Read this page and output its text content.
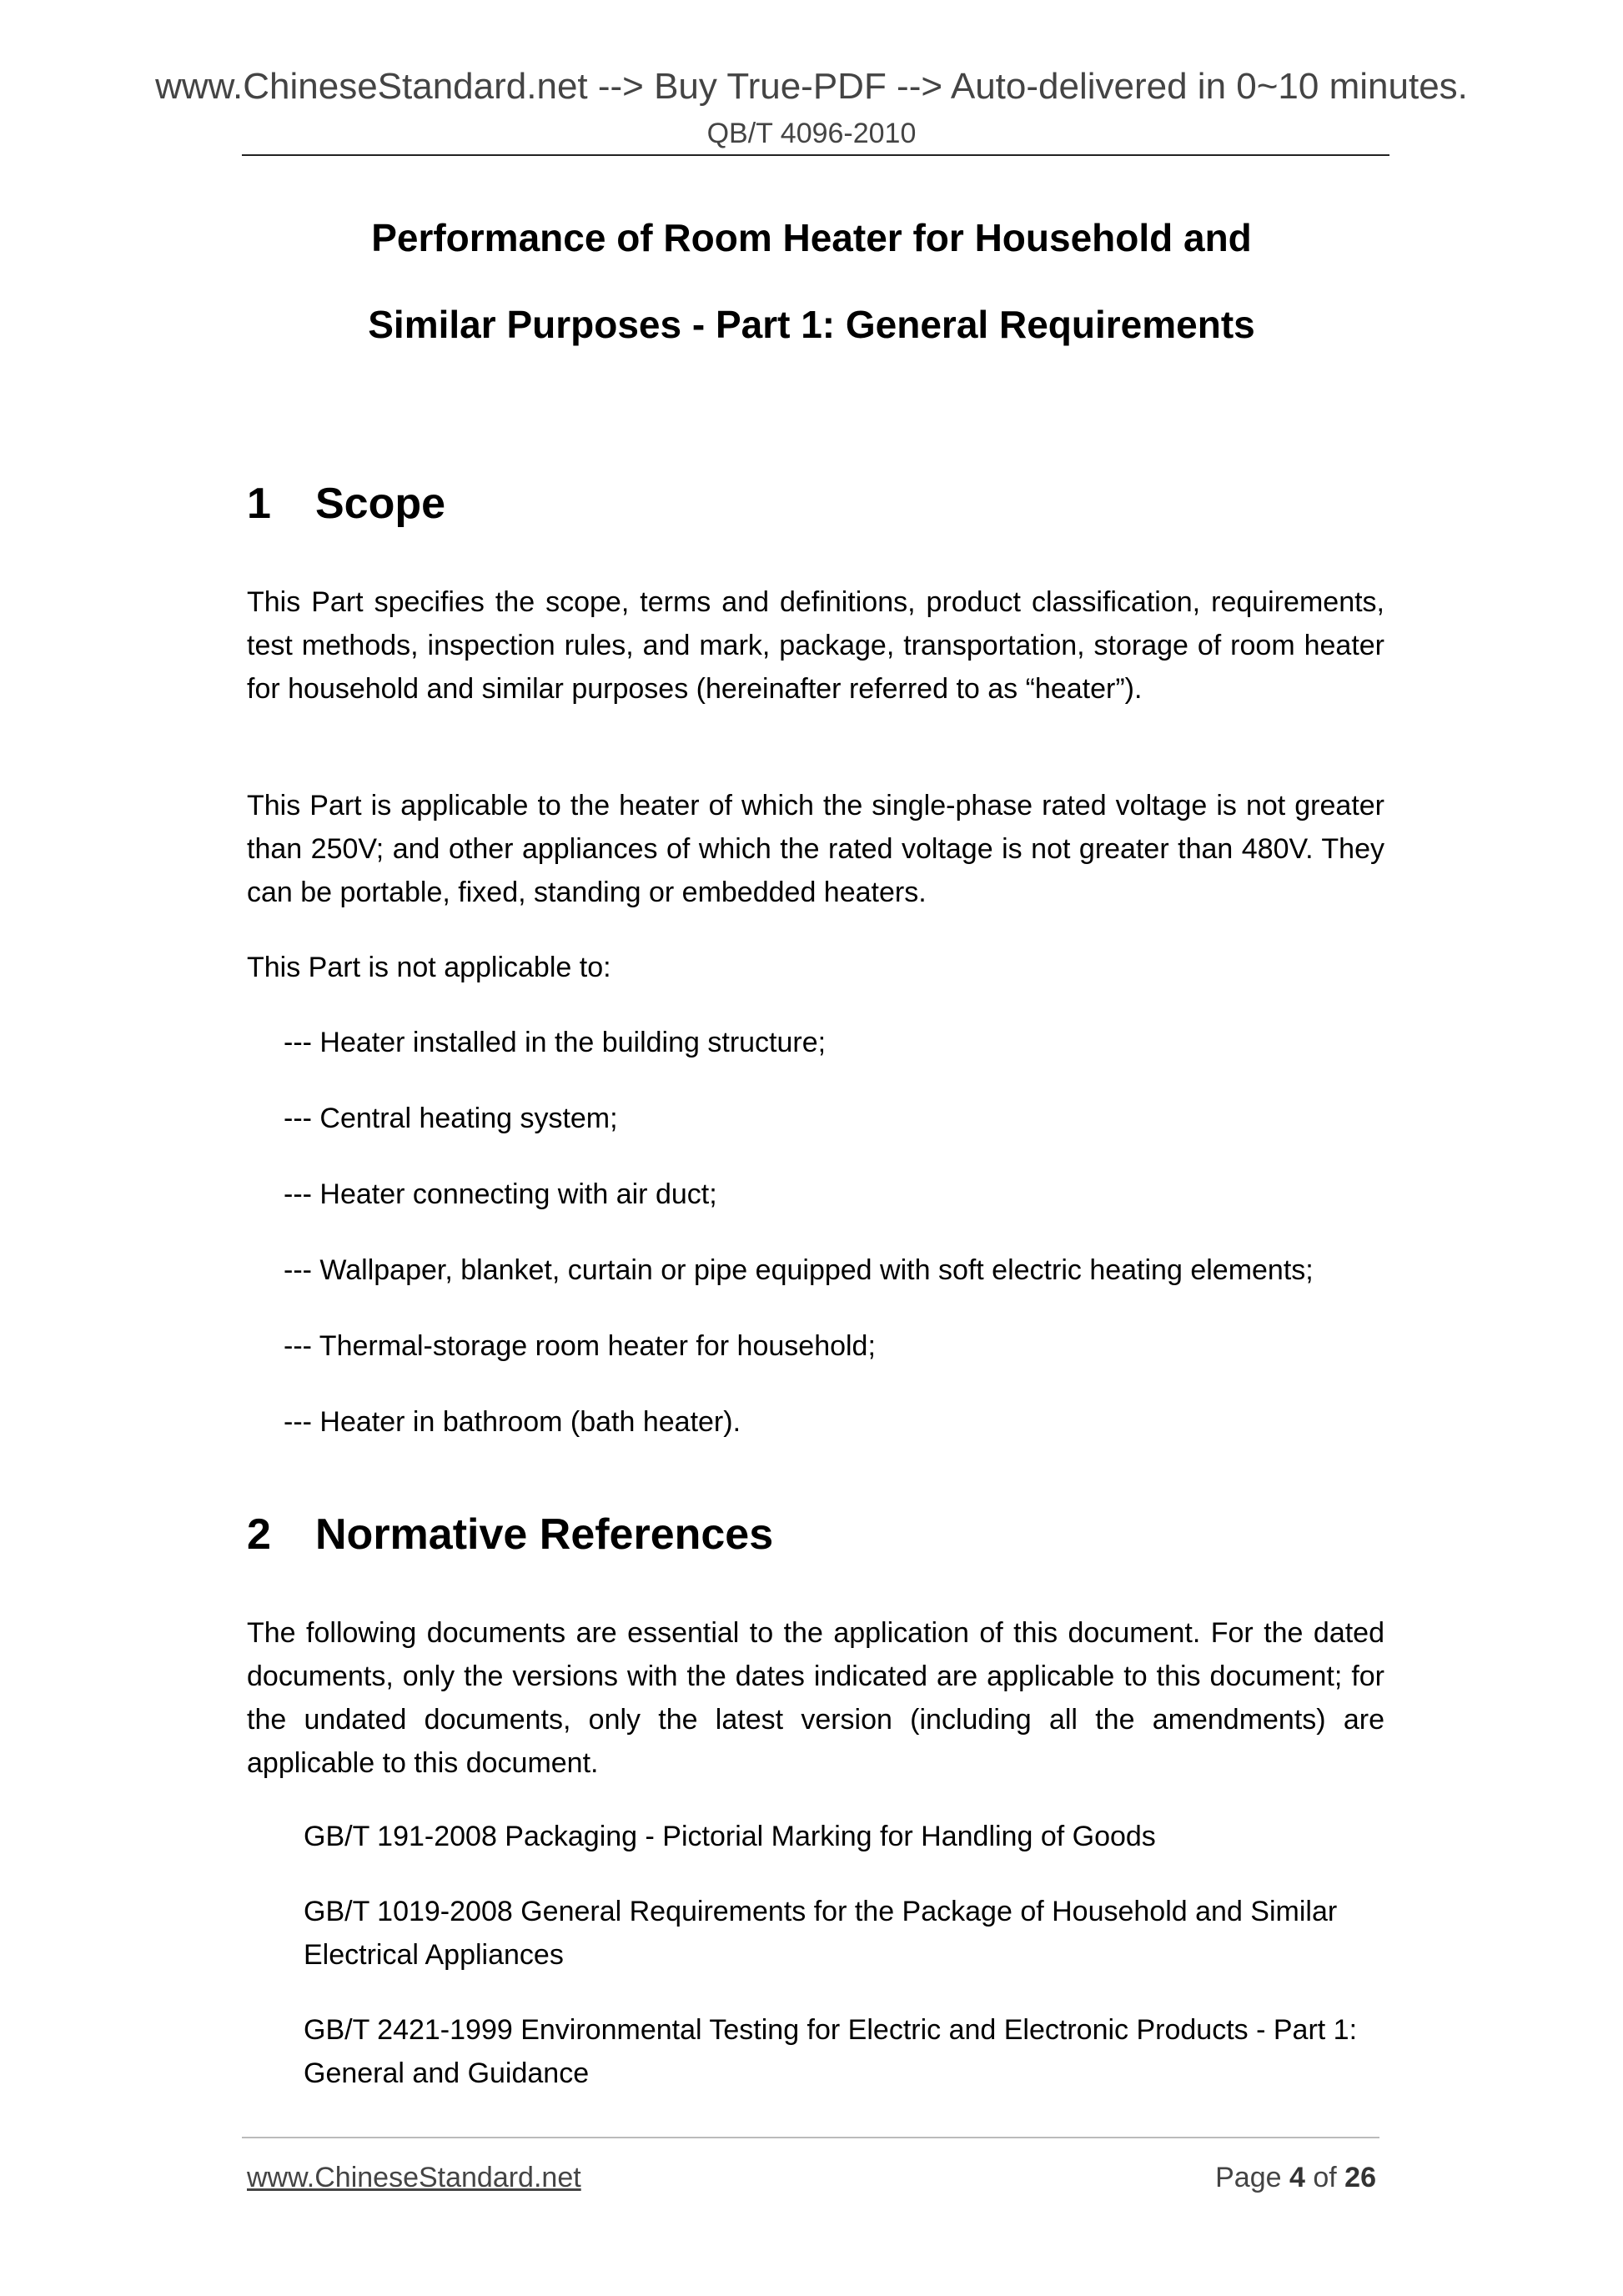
www.ChineseStandard.net --> Buy True-PDF --> Auto-delivered in 0~10 minutes.
QB/T 4096-2010
Performance of Room Heater for Household and
Similar Purposes - Part 1: General Requirements
1 Scope
This Part specifies the scope, terms and definitions, product classification, requirements, test methods, inspection rules, and mark, package, transportation, storage of room heater for household and similar purposes (hereinafter referred to as “heater”).
This Part is applicable to the heater of which the single-phase rated voltage is not greater than 250V; and other appliances of which the rated voltage is not greater than 480V. They can be portable, fixed, standing or embedded heaters.
This Part is not applicable to:
--- Heater installed in the building structure;
--- Central heating system;
--- Heater connecting with air duct;
--- Wallpaper, blanket, curtain or pipe equipped with soft electric heating elements;
--- Thermal-storage room heater for household;
--- Heater in bathroom (bath heater).
2 Normative References
The following documents are essential to the application of this document. For the dated documents, only the versions with the dates indicated are applicable to this document; for the undated documents, only the latest version (including all the amendments) are applicable to this document.
GB/T 191-2008 Packaging - Pictorial Marking for Handling of Goods
GB/T 1019-2008 General Requirements for the Package of Household and Similar Electrical Appliances
GB/T 2421-1999 Environmental Testing for Electric and Electronic Products - Part 1: General and Guidance
www.ChineseStandard.net	Page 4 of 26
